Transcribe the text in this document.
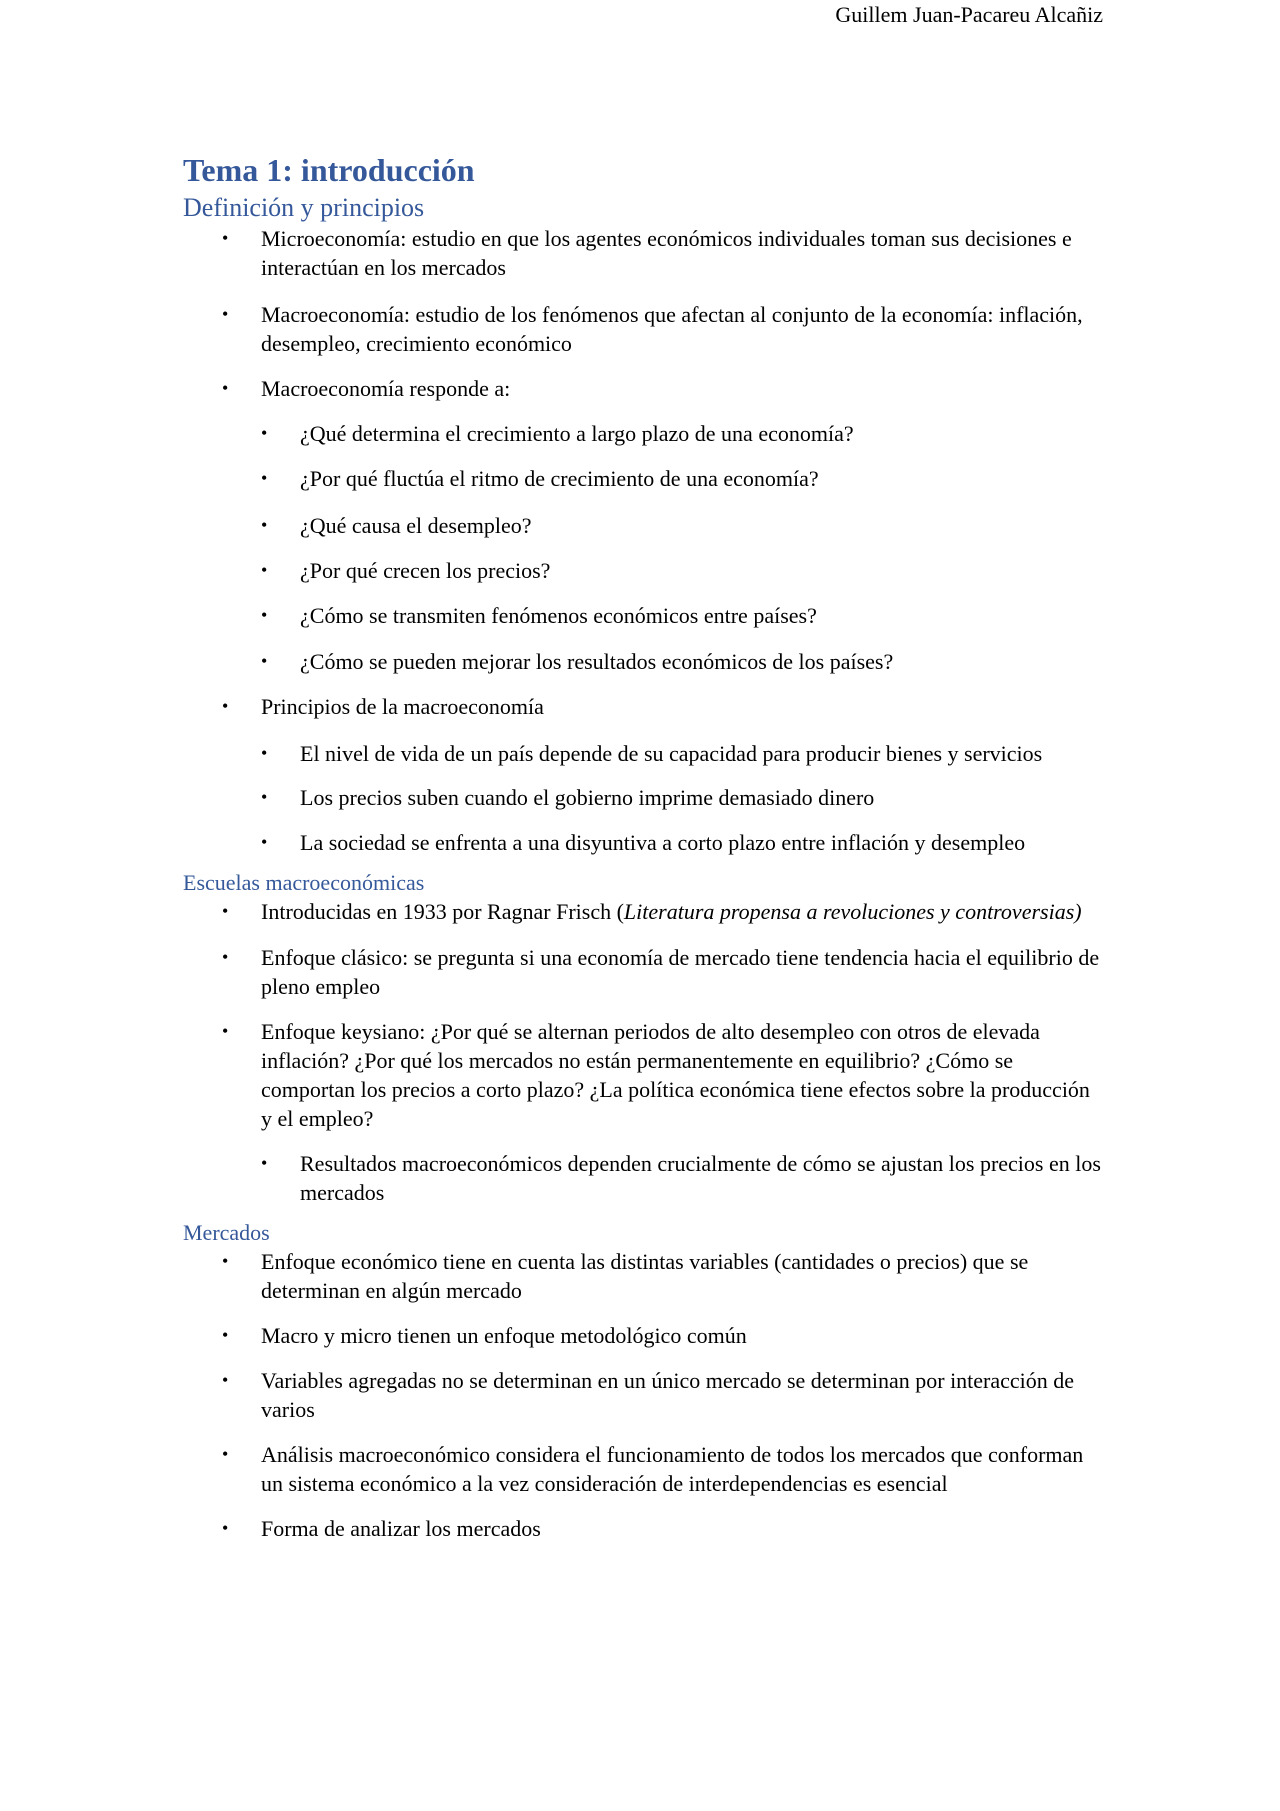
Guillem Juan-Pacareu Alcañiz
Tema 1: introducción
Definición y principios
• Microeconomía: estudio en que los agentes económicos individuales toman sus decisiones e interactúan en los mercados
• Macroeconomía: estudio de los fenómenos que afectan al conjunto de la economía: inflación, desempleo, crecimiento económico
• Macroeconomía responde a:
• ¿Qué determina el crecimiento a largo plazo de una economía?
• ¿Por qué fluctúa el ritmo de crecimiento de una economía?
• ¿Qué causa el desempleo?
• ¿Por qué crecen los precios?
• ¿Cómo se transmiten fenómenos económicos entre países?
• ¿Cómo se pueden mejorar los resultados económicos de los países?
• Principios de la macroeconomía
• El nivel de vida de un país depende de su capacidad para producir bienes y servicios
• Los precios suben cuando el gobierno imprime demasiado dinero
• La sociedad se enfrenta a una disyuntiva a corto plazo entre inflación y desempleo
Escuelas macroeconómicas
• Introducidas en 1933 por Ragnar Frisch (Literatura propensa a revoluciones y controversias)
• Enfoque clásico: se pregunta si una economía de mercado tiene tendencia hacia el equilibrio de pleno empleo
• Enfoque keysiano: ¿Por qué se alternan periodos de alto desempleo con otros de elevada inflación? ¿Por qué los mercados no están permanentemente en equilibrio? ¿Cómo se comportan los precios a corto plazo? ¿La política económica tiene efectos sobre la producción y el empleo?
• Resultados macroeconómicos dependen crucialmente de cómo se ajustan los precios en los mercados
Mercados
• Enfoque económico tiene en cuenta las distintas variables (cantidades o precios) que se determinan en algún mercado
• Macro y micro tienen un enfoque metodológico común
• Variables agregadas no se determinan en un único mercado se determinan por interacción de varios
• Análisis macroeconómico considera el funcionamiento de todos los mercados que conforman un sistema económico a la vez consideración de interdependencias es esencial
• Forma de analizar los mercados
